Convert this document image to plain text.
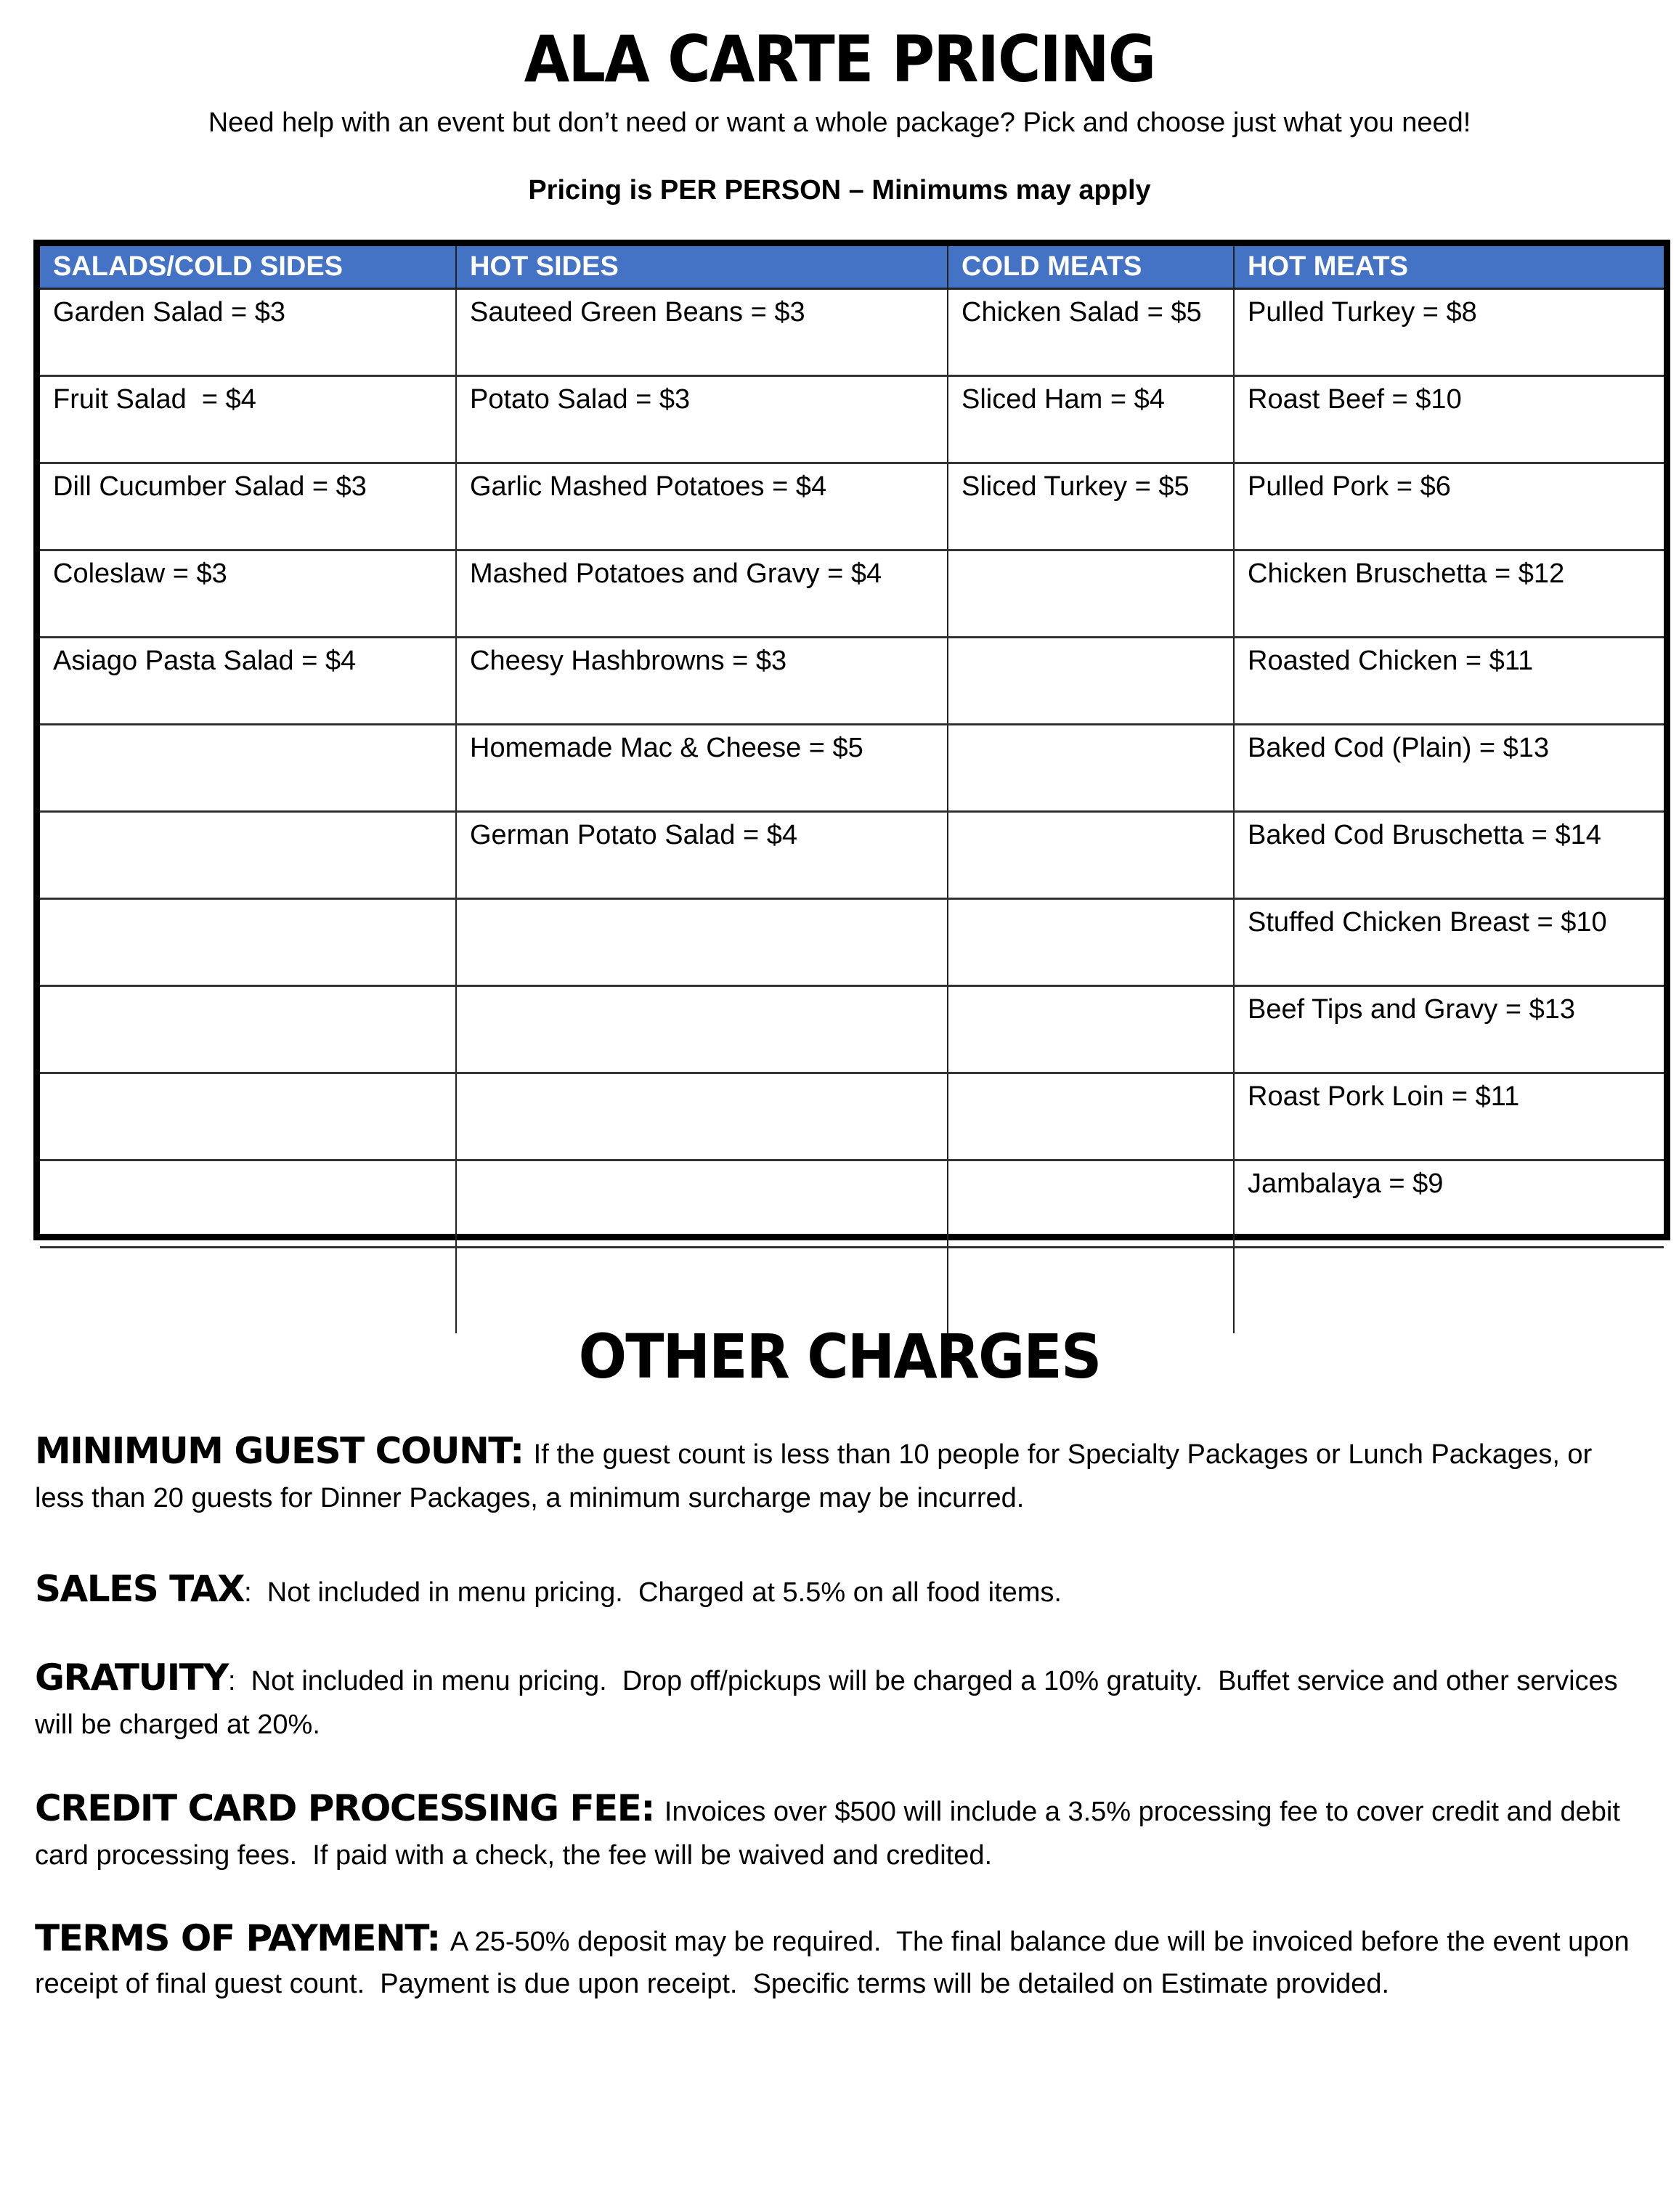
ALA CARTE PRICING
Need help with an event but don’t need or want a whole package? Pick and choose just what you need!
Pricing is PER PERSON – Minimums may apply
SALADS/COLD SIDES	HOT SIDES	COLD MEATS	HOT MEATS
Garden Salad = $3	Sauteed Green Beans = $3	Chicken Salad = $5	Pulled Turkey = $8
Fruit Salad  = $4	Potato Salad = $3	Sliced Ham = $4	Roast Beef = $10
Dill Cucumber Salad = $3	Garlic Mashed Potatoes = $4	Sliced Turkey = $5	Pulled Pork = $6
Coleslaw = $3	Mashed Potatoes and Gravy = $4		Chicken Bruschetta = $12
Asiago Pasta Salad = $4	Cheesy Hashbrowns = $3		Roasted Chicken = $11
	Homemade Mac & Cheese = $5		Baked Cod (Plain) = $13
	German Potato Salad = $4		Baked Cod Bruschetta = $14
			Stuffed Chicken Breast = $10
			Beef Tips and Gravy = $13
			Roast Pork Loin = $11
			Jambalaya = $9

OTHER CHARGES
MINIMUM GUEST COUNT: If the guest count is less than 10 people for Specialty Packages or Lunch Packages, or less than 20 guests for Dinner Packages, a minimum surcharge may be incurred.
SALES TAX:  Not included in menu pricing.  Charged at 5.5% on all food items.
GRATUITY:  Not included in menu pricing.  Drop off/pickups will be charged a 10% gratuity.  Buffet service and other services will be charged at 20%.
CREDIT CARD PROCESSING FEE: Invoices over $500 will include a 3.5% processing fee to cover credit and debit card processing fees.  If paid with a check, the fee will be waived and credited.
TERMS OF PAYMENT: A 25-50% deposit may be required.  The final balance due will be invoiced before the event upon receipt of final guest count.  Payment is due upon receipt.  Specific terms will be detailed on Estimate provided.
